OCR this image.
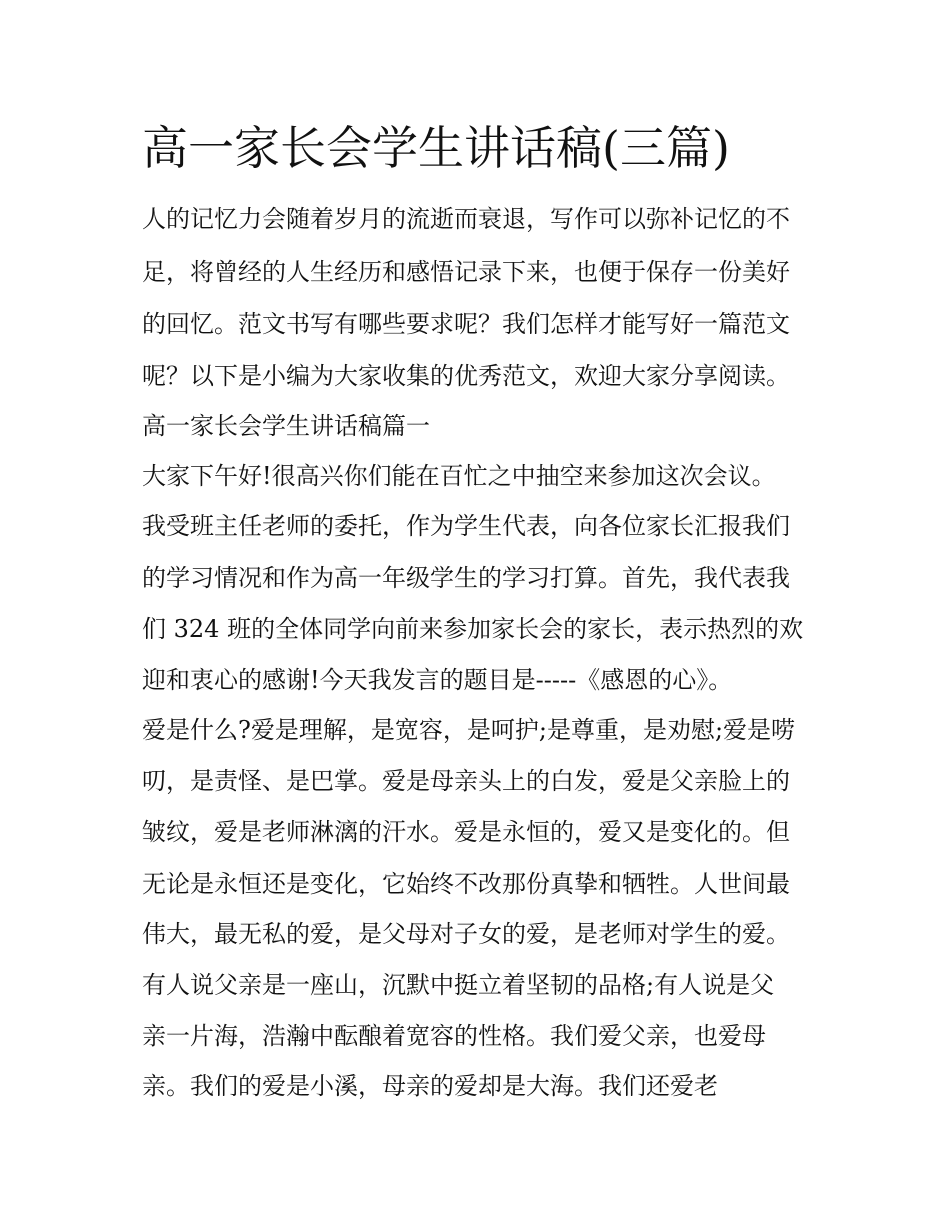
高一家长会学生讲话稿(三篇)

人的记忆力会随着岁月的流逝而衰退，写作可以弥补记忆的不

足，将曾经的人生经历和感悟记录下来，也便于保存一份美好

的回忆。范文书写有哪些要求呢？我们怎样才能写好一篇范文

呢？以下是小编为大家收集的优秀范文，欢迎大家分享阅读。

高一家长会学生讲话稿篇一

大家下午好!很高兴你们能在百忙之中抽空来参加这次会议。

我受班主任老师的委托，作为学生代表，向各位家长汇报我们

的学习情况和作为高一年级学生的学习打算。首先，我代表我

们 324 班的全体同学向前来参加家长会的家长，表示热烈的欢

迎和衷心的感谢!今天我发言的题目是-----《感恩的心》。

爱是什么?爱是理解，是宽容，是呵护;是尊重，是劝慰;爱是唠

叨，是责怪、是巴掌。爱是母亲头上的白发，爱是父亲脸上的

皱纹，爱是老师淋漓的汗水。爱是永恒的，爱又是变化的。但

无论是永恒还是变化，它始终不改那份真挚和牺牲。人世间最

伟大，最无私的爱，是父母对子女的爱，是老师对学生的爱。

有人说父亲是一座山，沉默中挺立着坚韧的品格;有人说是父

亲一片海，浩瀚中酝酿着宽容的性格。我们爱父亲，也爱母

亲。我们的爱是小溪，母亲的爱却是大海。我们还爱老
